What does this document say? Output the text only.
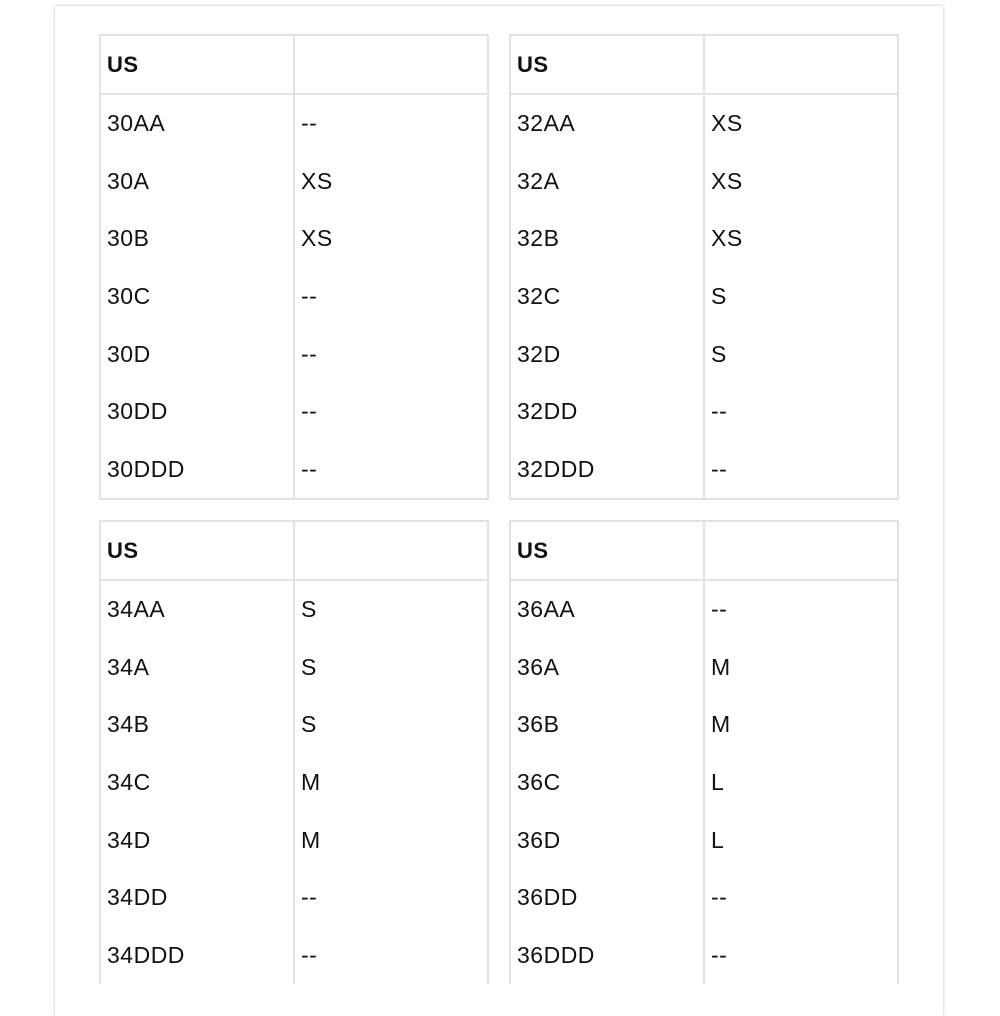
US	
30AA	--
30A	XS
30B	XS
30C	--
30D	--
30DD	--
30DDD	--
US	
32AA	XS
32A	XS
32B	XS
32C	S
32D	S
32DD	--
32DDD	--
US	
34AA	S
34A	S
34B	S
34C	M
34D	M
34DD	--
34DDD	--
US	
36AA	--
36A	M
36B	M
36C	L
36D	L
36DD	--
36DDD	--
